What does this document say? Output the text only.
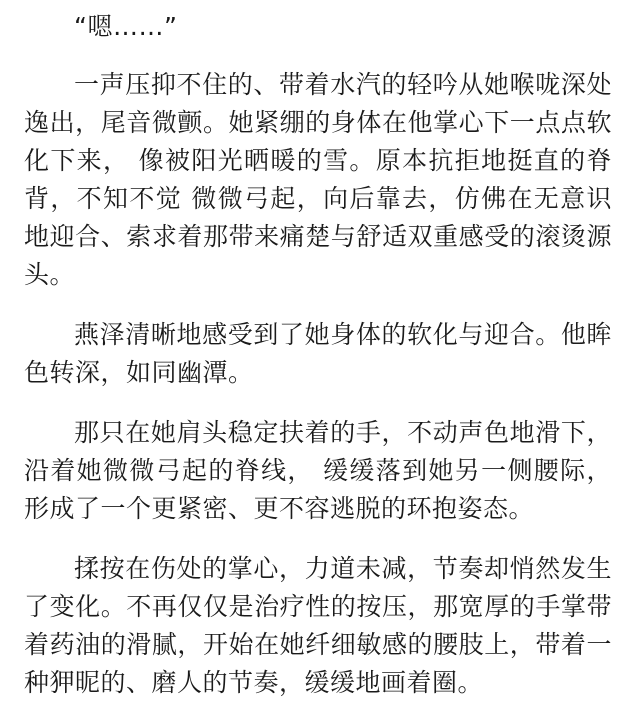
“嗯……”

一声压抑不住的、带着水汽的轻吟从她喉咙深处逸出，尾音微颤。她紧绷的身体在他掌心下一点点软化下来， 像被阳光晒暖的雪。原本抗拒地挺直的脊背，不知不觉 微微弓起，向后靠去，仿佛在无意识地迎合、索求着那带来痛楚与舒适双重感受的滚烫源头。

燕泽清晰地感受到了她身体的软化与迎合。他眸色转深，如同幽潭。

那只在她肩头稳定扶着的手，不动声色地滑下，沿着她微微弓起的脊线， 缓缓落到她另一侧腰际，形成了一个更紧密、更不容逃脱的环抱姿态。

揉按在伤处的掌心，力道未减，节奏却悄然发生了变化。不再仅仅是治疗性的按压，那宽厚的手掌带着药油的滑腻，开始在她纤细敏感的腰肢上，带着一种狎昵的、磨人的节奏，缓缓地画着圈。
